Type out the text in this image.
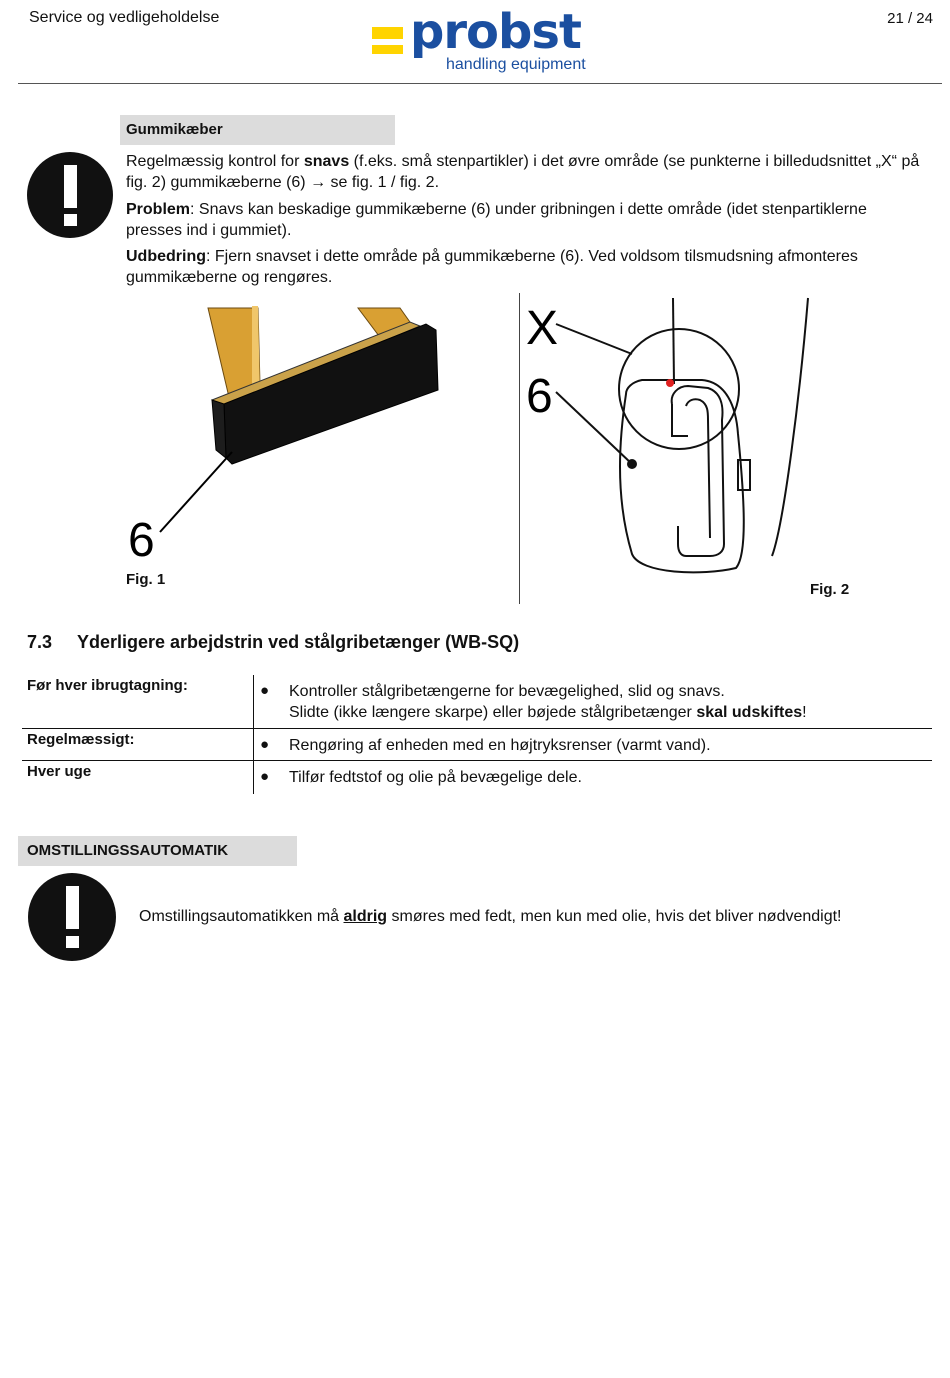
Service og vedligeholdelse	probst
handling equipment
21 / 24
Gummikæber
Regelmæssig kontrol for snavs (f.eks. små stenpartikler) i det øvre område (se punkterne i billedudsnittet „X“ på fig. 2) gummikæberne (6) → se fig. 1 / fig. 2.
Problem: Snavs kan beskadige gummikæberne (6) under gribningen i dette område (idet stenpartiklerne presses ind i gummiet).
Udbedring: Fjern snavset i dette område på gummikæberne (6). Ved voldsom tilsmudsning afmonteres gummikæberne og rengøres.
6
Fig. 1
X
6
Fig. 2
7.3 Yderligere arbejdstrin ved stålgribetænger (WB-SQ)
Før hver ibrugtagning:	● Kontroller stålgribetængerne for bevægelighed, slid og snavs.
Slidte (ikke længere skarpe) eller bøjede stålgribetænger skal udskiftes!
Regelmæssigt:	● Rengøring af enheden med en højtryksrenser (varmt vand).
Hver uge	● Tilfør fedtstof og olie på bevægelige dele.
OMSTILLINGSSAUTOMATIK
Omstillingsautomatikken må aldrig smøres med fedt, men kun med olie, hvis det bliver nødvendigt!
